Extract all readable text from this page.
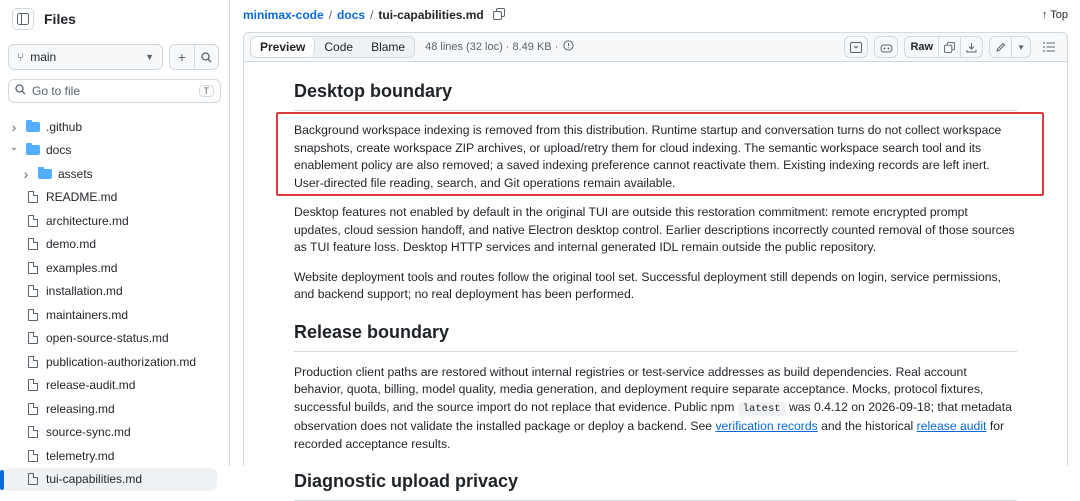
Files
⑂ main	▼	+
Go to file	T
›	.github
⌄ docs
›	assets
README.md
architecture.md
demo.md
examples.md
installation.md
maintainers.md
open-source-status.md
publication-authorization.md
release-audit.md
releasing.md
source-sync.md
telemetry.md
tui-capabilities.md
minimax-code / docs / tui-capabilities.md	↑ Top
Preview	Code	Blame	48 lines (32 loc) · 8.49 KB ·	Raw	▼
Desktop boundary

Background workspace indexing is removed from this distribution. Runtime startup and conversation turns do not collect workspace snapshots, create workspace ZIP archives, or upload/retry them for cloud indexing. The semantic workspace search tool and its enablement policy are also removed; a saved indexing preference cannot reactivate them. Existing indexing records are left inert. User-directed file reading, search, and Git operations remain available.

Desktop features not enabled by default in the original TUI are outside this restoration commitment: remote encrypted prompt updates, cloud session handoff, and native Electron desktop control. Earlier descriptions incorrectly counted removal of those sources as TUI feature loss. Desktop HTTP services and internal generated IDL remain outside the public repository.

Website deployment tools and routes follow the original tool set. Successful deployment still depends on login, service permissions, and backend support; no real deployment has been performed.

Release boundary

Production client paths are restored without internal registries or test-service addresses as build dependencies. Real account behavior, quota, billing, model quality, media generation, and deployment require separate acceptance. Mocks, protocol fixtures, successful builds, and the source import do not replace that evidence. Public npm latest was 0.4.12 on 2026-09-18; that metadata observation does not validate the installed package or deploy a backend. See verification records and the historical release audit for recorded acceptance results.

Diagnostic upload privacy
